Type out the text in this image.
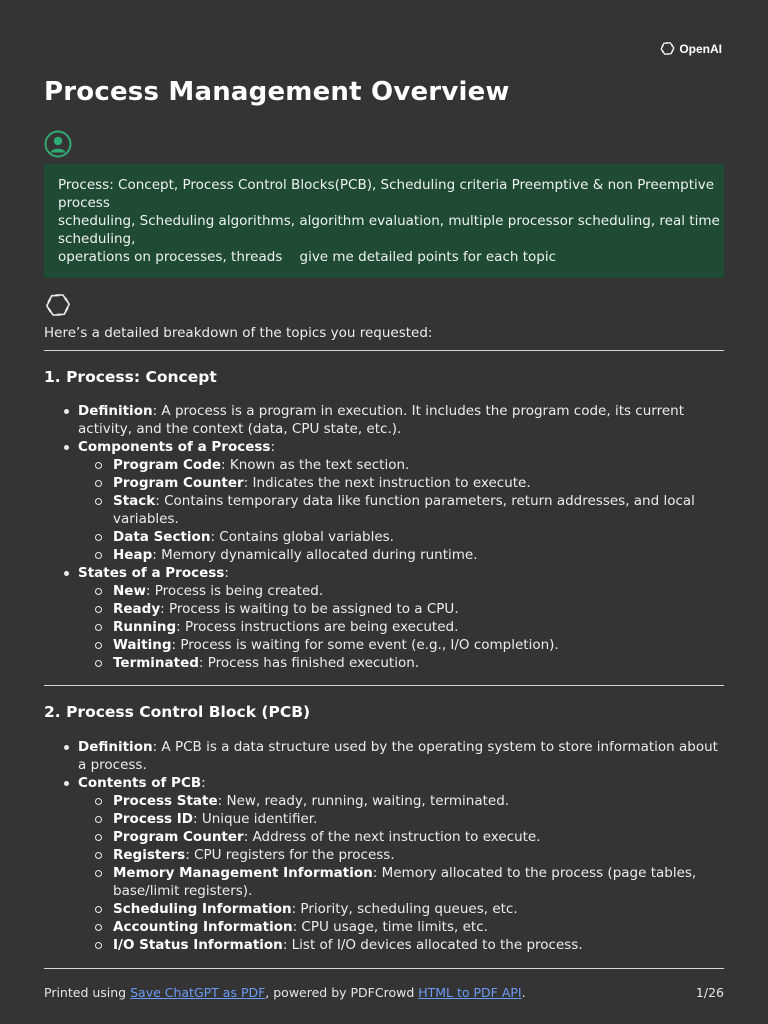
OpenAI
Process Management Overview
Process: Concept, Process Control Blocks(PCB), Scheduling criteria Preemptive & non Preemptive
process
scheduling, Scheduling algorithms, algorithm evaluation, multiple processor scheduling, real time
scheduling,
operations on processes, threads    give me detailed points for each topic

Here’s a detailed breakdown of the topics you requested:

1. Process: Concept
Definition: A process is a program in execution. It includes the program code, its current activity, and the context (data, CPU state, etc.).
Components of a Process:
Program Code: Known as the text section.
Program Counter: Indicates the next instruction to execute.
Stack: Contains temporary data like function parameters, return addresses, and local variables.
Data Section: Contains global variables.
Heap: Memory dynamically allocated during runtime.
States of a Process:
New: Process is being created.
Ready: Process is waiting to be assigned to a CPU.
Running: Process instructions are being executed.
Waiting: Process is waiting for some event (e.g., I/O completion).
Terminated: Process has finished execution.
2. Process Control Block (PCB)
Definition: A PCB is a data structure used by the operating system to store information about a process.
Contents of PCB:
Process State: New, ready, running, waiting, terminated.
Process ID: Unique identifier.
Program Counter: Address of the next instruction to execute.
Registers: CPU registers for the process.
Memory Management Information: Memory allocated to the process (page tables, base/limit registers).
Scheduling Information: Priority, scheduling queues, etc.
Accounting Information: CPU usage, time limits, etc.
I/O Status Information: List of I/O devices allocated to the process.
Printed using Save ChatGPT as PDF, powered by PDFCrowd HTML to PDF API.	1/26
